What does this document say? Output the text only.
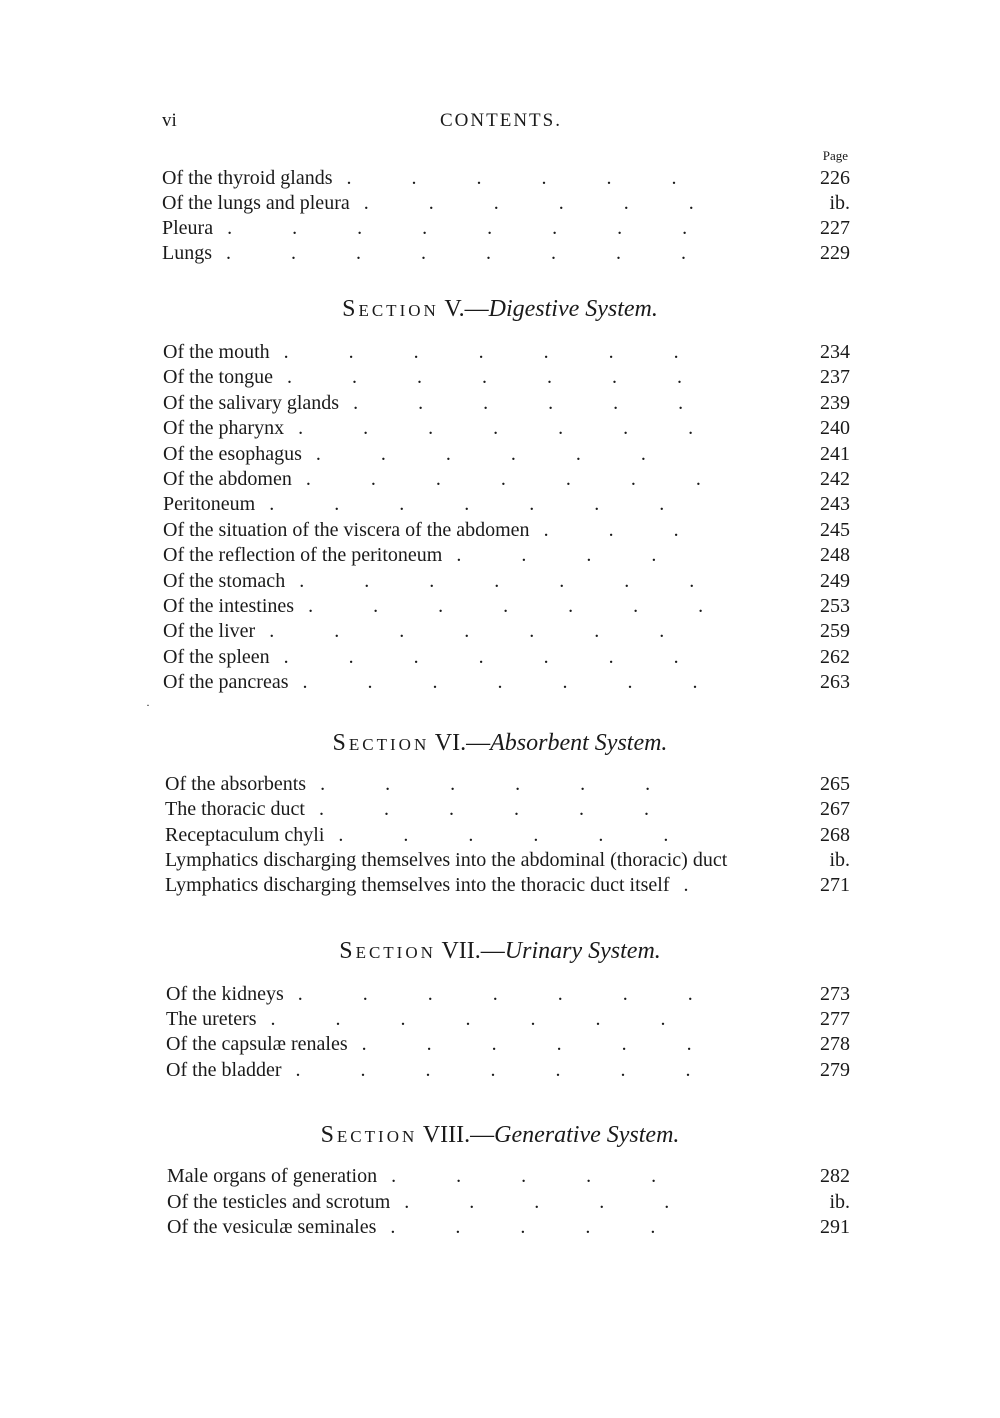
vi	CONTENTS.
Page
·
Of the thyroid glands	226
.   .   .   .   .   .   
Of the lungs and pleura	ib.
.   .   .   .   .   .   
Pleura	227
.   .   .   .   .   .   .   .   
Lungs	229
.   .   .   .   .   .   .   .   
Section V.—Digestive System.
Of the mouth	234
.   .   .   .   .   .   .   
Of the tongue	237
.   .   .   .   .   .   .   
Of the salivary glands	239
.   .   .   .   .   .   
Of the pharynx	240
.   .   .   .   .   .   .   
Of the esophagus	241
.   .   .   .   .   .   
Of the abdomen	242
.   .   .   .   .   .   .   
Peritoneum	243
.   .   .   .   .   .   .   
Of the situation of the viscera of the abdomen	245
.   .   .   
Of the reflection of the peritoneum	248
.   .   .   .   
Of the stomach	249
.   .   .   .   .   .   .   
Of the intestines	253
.   .   .   .   .   .   .   
Of the liver	259
.   .   .   .   .   .   .   
Of the spleen	262
.   .   .   .   .   .   .   
Of the pancreas	263
.   .   .   .   .   .   .   
Section VI.—Absorbent System.
Of the absorbents	265
.   .   .   .   .   .   
The thoracic duct	267
.   .   .   .   .   .   
Receptaculum chyli	268
.   .   .   .   .   .   
Lymphatics discharging themselves into the abdominal (thoracic) duct	ib.
Lymphatics discharging themselves into the thoracic duct itself	271
.   
Section VII.—Urinary System.
Of the kidneys	273
.   .   .   .   .   .   .   
The ureters	277
.   .   .   .   .   .   .   
Of the capsulæ renales	278
.   .   .   .   .   .   
Of the bladder	279
.   .   .   .   .   .   .   
Section VIII.—Generative System.
Male organs of generation	282
.   .   .   .   .   
Of the testicles and scrotum	ib.
.   .   .   .   .   
Of the vesiculæ seminales	291
.   .   .   .   .   
